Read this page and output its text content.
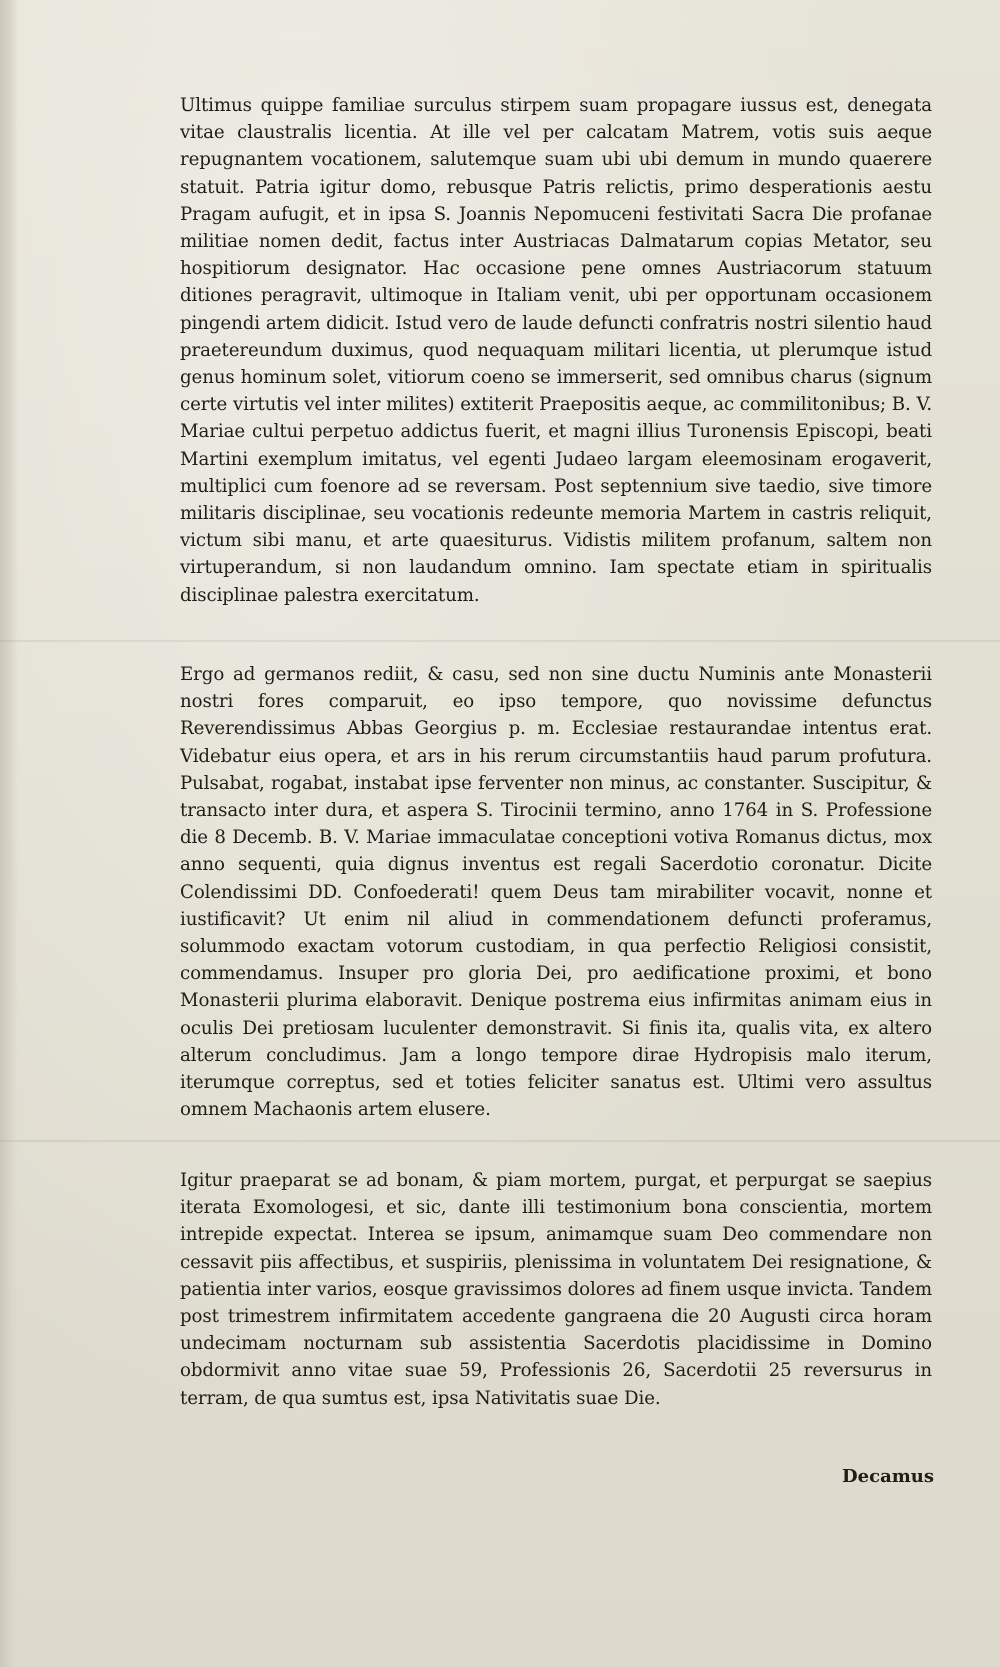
Ultimus quippe familiae surculus stirpem suam propagare iussus est, denegata vitae claustralis licentia. At ille vel per calcatam Matrem, votis suis aeque repugnantem vocationem, salutemque suam ubi ubi demum in mundo quaerere statuit. Patria igitur domo, rebusque Patris relictis, primo desperationis aestu Pragam aufugit, et in ipsa S. Joannis Nepomuceni festivitati Sacra Die profanae militiae nomen dedit, factus inter Austriacas Dalmatarum copias Metator, seu hospitiorum designator. Hac occasione pene omnes Austriacorum statuum ditiones peragravit, ultimoque in Italiam venit, ubi per opportunam occasionem pingendi artem didicit. Istud vero de laude defuncti confratris nostri silentio haud praetereundum duximus, quod nequaquam militari licentia, ut plerumque istud genus hominum solet, vitiorum coeno se immerserit, sed omnibus charus (signum certe virtutis vel inter milites) extiterit Praepositis aeque, ac commilitonibus; B. V. Mariae cultui perpetuo addictus fuerit, et magni illius Turonensis Episcopi, beati Martini exemplum imitatus, vel egenti Judaeo largam eleemosinam erogaverit, multiplici cum foenore ad se reversam. Post septennium sive taedio, sive timore militaris disciplinae, seu vocationis redeunte memoria Martem in castris reliquit, victum sibi manu, et arte quaesiturus. Vidistis militem profanum, saltem non virtuperandum, si non laudandum omnino. Iam spectate etiam in spiritualis disciplinae palestra exercitatum.

Ergo ad germanos rediit, & casu, sed non sine ductu Numinis ante Monasterii nostri fores comparuit, eo ipso tempore, quo novissime defunctus Reverendissimus Abbas Georgius p. m. Ecclesiae restaurandae intentus erat. Videbatur eius opera, et ars in his rerum circumstantiis haud parum profutura. Pulsabat, rogabat, instabat ipse ferventer non minus, ac constanter. Suscipitur, & transacto inter dura, et aspera S. Tirocinii termino, anno 1764 in S. Professione die 8 Decemb. B. V. Mariae immaculatae conceptioni votiva Romanus dictus, mox anno sequenti, quia dignus inventus est regali Sacerdotio coronatur. Dicite Colendissimi DD. Confoederati! quem Deus tam mirabiliter vocavit, nonne et iustificavit? Ut enim nil aliud in commendationem defuncti proferamus, solummodo exactam votorum custodiam, in qua perfectio Religiosi consistit, commendamus. Insuper pro gloria Dei, pro aedificatione proximi, et bono Monasterii plurima elaboravit. Denique postrema eius infirmitas animam eius in oculis Dei pretiosam luculenter demonstravit. Si finis ita, qualis vita, ex altero alterum concludimus. Jam a longo tempore dirae Hydropisis malo iterum, iterumque correptus, sed et toties feliciter sanatus est. Ultimi vero assultus omnem Machaonis artem elusere.

Igitur praeparat se ad bonam, & piam mortem, purgat, et perpurgat se saepius iterata Exomologesi, et sic, dante illi testimonium bona conscientia, mortem intrepide expectat. Interea se ipsum, animamque suam Deo commendare non cessavit piis affectibus, et suspiriis, plenissima in voluntatem Dei resignatione, & patientia inter varios, eosque gravissimos dolores ad finem usque invicta. Tandem post trimestrem infirmitatem accedente gangraena die 20 Augusti circa horam undecimam nocturnam sub assistentia Sacerdotis placidissime in Domino obdormivit anno vitae suae 59, Professionis 26, Sacerdotii 25 reversurus in terram, de qua sumtus est, ipsa Nativitatis suae Die.

Decamus
